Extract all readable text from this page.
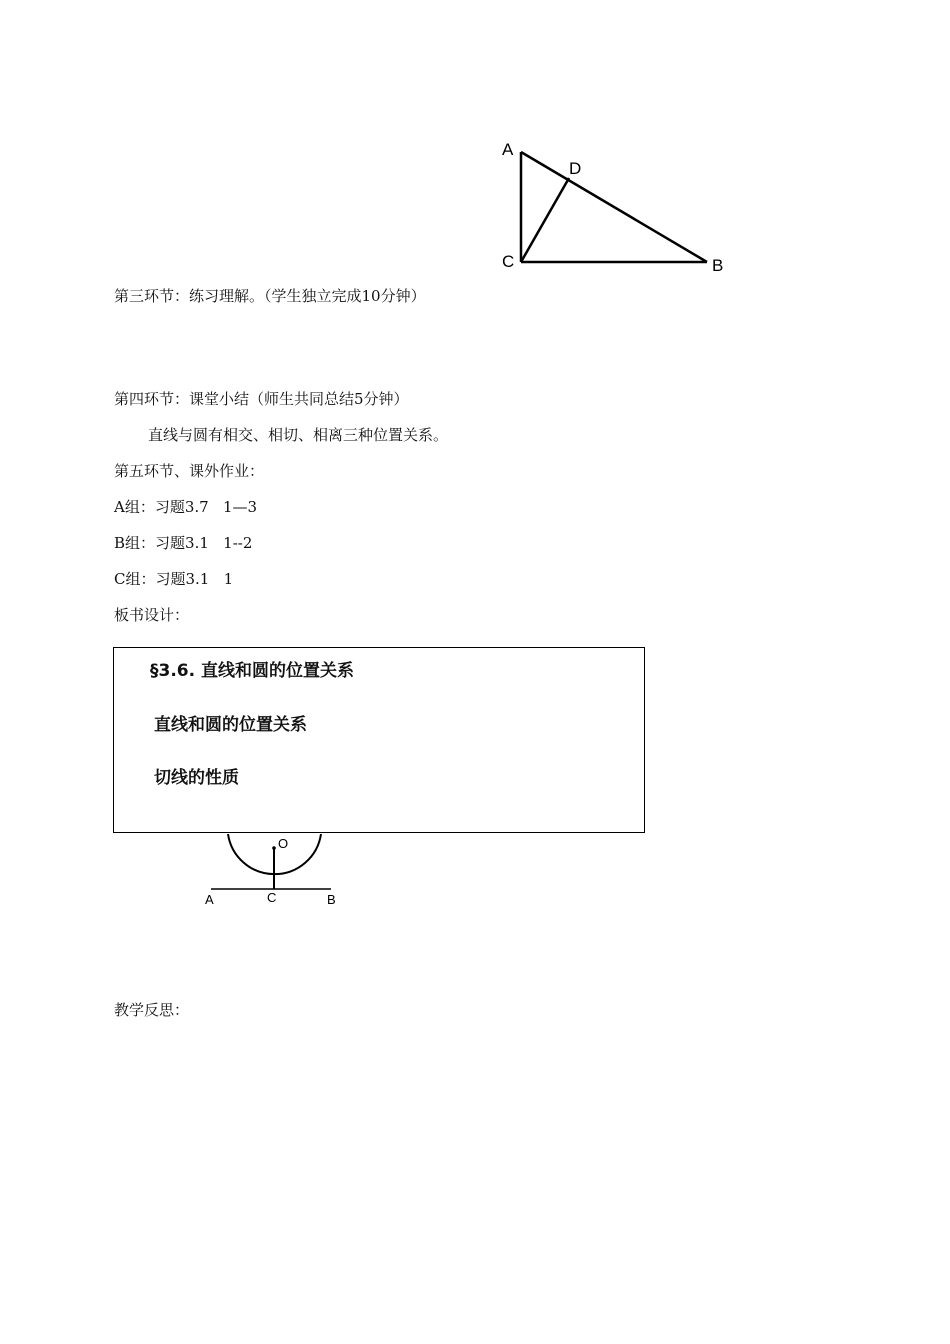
A
D
C	B
第三环节：练习理解。（学生独立完成10分钟）
第四环节：课堂小结（师生共同总结5分钟）
直线与圆有相交、相切、相离三种位置关系。
第五环节、课外作业：
A组：习题3.7   1—3
B组：习题3.1   1--2
C组：习题3.1   1
板书设计：
§3.6. 直线和圆的位置关系
直线和圆的位置关系
切线的性质
O
A	C	B
教学反思：
